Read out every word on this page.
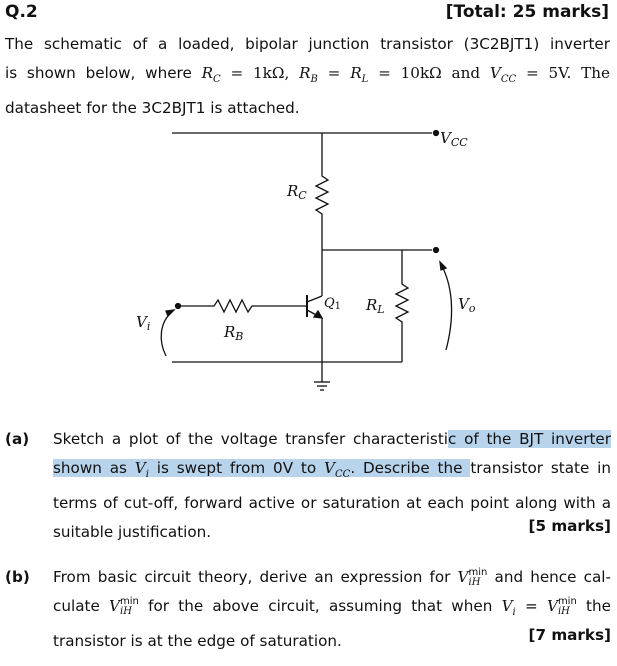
Q.2	[Total: 25 marks]
The schematic of a loaded, bipolar junction transistor (3C2BJT1) inverter
is shown below, where $R_C = 1k\Omega$, $R_B = R_L = 10k\Omega$ and $V_{CC} = 5V$. The
datasheet for the 3C2BJT1 is attached.
$V_{CC}$
$R_C$
$R_B$
$R_L$
Q1
$V_i$
$V_o$
(a) Sketch a plot of the voltage transfer characteristic of the BJT inverter
shown as $V_i$ is swept from 0V to $V_{CC}$. Describe the transistor state in
terms of cut-off, forward active or saturation at each point along with a
suitable justification.	[5 marks]
(b) From basic circuit theory, derive an expression for V min
iH and hence cal-
culate V min
iH for the above circuit, assuming that when $V_i = V$ min
iH the
transistor is at the edge of saturation.	[7 marks]
